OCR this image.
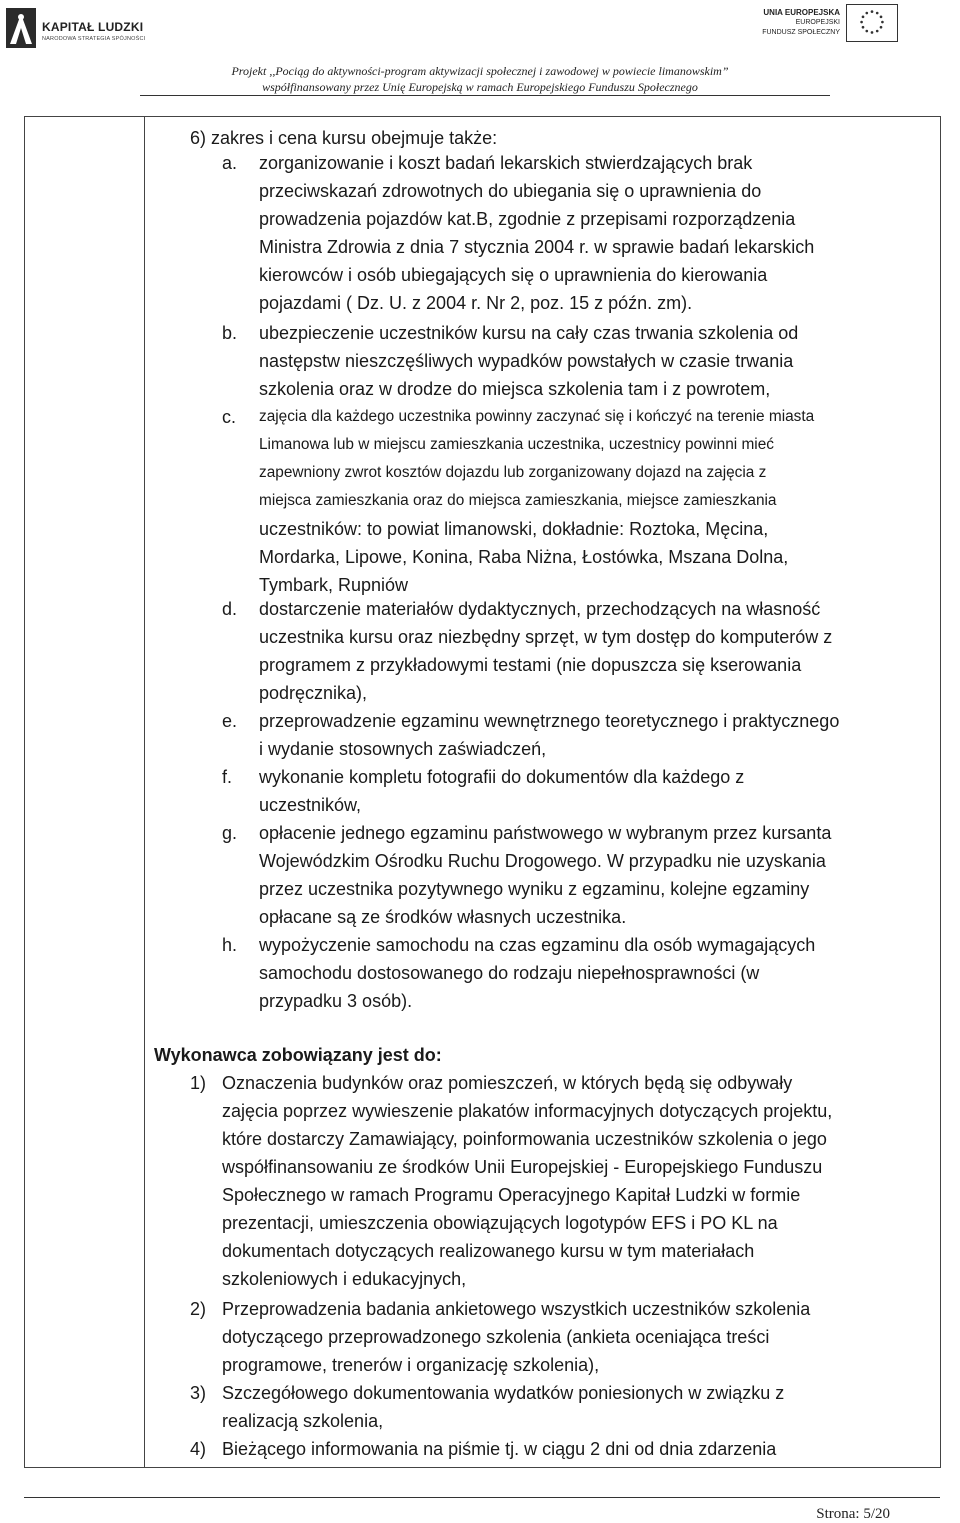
KAPITAŁ LUDZKI
NARODOWA STRATEGIA SPÓJNOŚCI
UNIA EUROPEJSKA
EUROPEJSKI
FUNDUSZ SPOŁECZNY
Projekt ,,Pociąg do aktywności-program aktywizacji społecznej i zawodowej w powiecie limanowskim”
współfinansowany przez Unię Europejską w ramach Europejskiego Funduszu Społecznego
6) zakres i cena kursu obejmuje także:
a. zorganizowanie i koszt badań lekarskich stwierdzających brak
przeciwskazań zdrowotnych do ubiegania się o uprawnienia do
prowadzenia pojazdów kat.B, zgodnie z przepisami rozporządzenia
Ministra Zdrowia z dnia 7 stycznia 2004 r. w sprawie badań lekarskich
kierowców i osób ubiegających się o uprawnienia do kierowania
pojazdami ( Dz. U. z 2004 r. Nr 2, poz. 15 z późn. zm).
b. ubezpieczenie uczestników kursu na cały czas trwania szkolenia od
następstw nieszczęśliwych wypadków powstałych w czasie trwania
szkolenia oraz w drodze do miejsca szkolenia tam i z powrotem,
c. zajęcia dla każdego uczestnika powinny zaczynać się i kończyć na terenie miasta
Limanowa lub w miejscu zamieszkania uczestnika, uczestnicy powinni mieć
zapewniony zwrot kosztów dojazdu lub zorganizowany dojazd na zajęcia z
miejsca zamieszkania oraz do miejsca zamieszkania, miejsce zamieszkania
uczestników: to powiat limanowski, dokładnie: Roztoka, Męcina,
Mordarka, Lipowe, Konina, Raba Niżna, Łostówka, Mszana Dolna,
Tymbark, Rupniów
d. dostarczenie materiałów dydaktycznych, przechodzących na własność
uczestnika kursu oraz niezbędny sprzęt, w tym dostęp do komputerów z
programem z przykładowymi testami (nie dopuszcza się kserowania
podręcznika),
e. przeprowadzenie egzaminu wewnętrznego teoretycznego i praktycznego
i wydanie stosownych zaświadczeń,
f. wykonanie kompletu fotografii do dokumentów dla każdego z
uczestników,
g. opłacenie jednego egzaminu państwowego w wybranym przez kursanta
Wojewódzkim Ośrodku Ruchu Drogowego. W przypadku nie uzyskania
przez uczestnika pozytywnego wyniku z egzaminu, kolejne egzaminy
opłacane są ze środków własnych uczestnika.
h. wypożyczenie samochodu na czas egzaminu dla osób wymagających
samochodu dostosowanego do rodzaju niepełnosprawności (w
przypadku 3 osób).
Wykonawca zobowiązany jest do:
1) Oznaczenia budynków oraz pomieszczeń, w których będą się odbywały
zajęcia poprzez wywieszenie plakatów informacyjnych dotyczących projektu,
które dostarczy Zamawiający, poinformowania uczestników szkolenia o jego
współfinansowaniu ze środków Unii Europejskiej - Europejskiego Funduszu
Społecznego w ramach Programu Operacyjnego Kapitał Ludzki w formie
prezentacji, umieszczenia obowiązujących logotypów EFS i PO KL na
dokumentach dotyczących realizowanego kursu w tym materiałach
szkoleniowych i edukacyjnych,
2) Przeprowadzenia badania ankietowego wszystkich uczestników szkolenia
dotyczącego przeprowadzonego szkolenia (ankieta oceniająca treści
programowe, trenerów i organizację szkolenia),
3) Szczegółowego dokumentowania wydatków poniesionych w związku z
realizacją szkolenia,
4) Bieżącego informowania na piśmie tj. w ciągu 2 dni od dnia zdarzenia
Strona: 5/20
